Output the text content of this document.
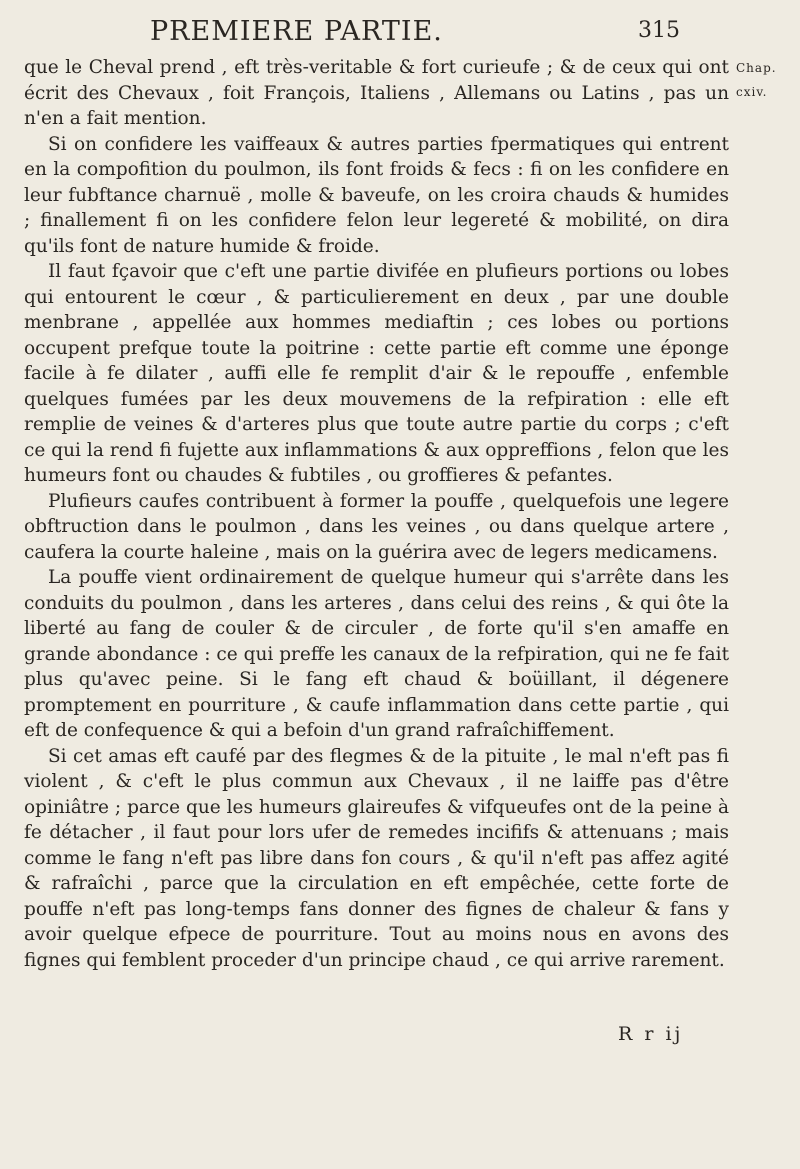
PREMIERE PARTIE.	315
Chap.
cxiv.

que le Cheval prend , eft très-veritable & fort curieufe ; & de ceux qui ont écrit des Chevaux , foit François, Italiens , Allemans ou Latins , pas un n'en a fait mention.

Si on confidere les vaiffeaux & autres parties fpermatiques qui entrent en la compofition du poulmon, ils font froids & fecs : fi on les confidere en leur fubftance charnuë , molle & baveufe, on les croira chauds & humides ; finallement fi on les confidere felon leur legereté & mobilité, on dira qu'ils font de nature humide & froide.

Il faut fçavoir que c'eft une partie divifée en plufieurs portions ou lobes qui entourent le cœur , & particulierement en deux , par une double menbrane , appellée aux hommes mediaftin ; ces lobes ou portions occupent prefque toute la poitrine : cette partie eft comme une éponge facile à fe dilater , auffi elle fe remplit d'air & le repouffe , enfemble quelques fumées par les deux mouvemens de la refpiration : elle eft remplie de veines & d'arteres plus que toute autre partie du corps ; c'eft ce qui la rend fi fujette aux inflammations & aux oppreffions , felon que les humeurs font ou chaudes & fubtiles , ou groffieres & pefantes.

Plufieurs caufes contribuent à former la pouffe , quelquefois une legere obftruction dans le poulmon , dans les veines , ou dans quelque artere , caufera la courte haleine , mais on la guérira avec de legers medicamens.

La pouffe vient ordinairement de quelque humeur qui s'arrête dans les conduits du poulmon , dans les arteres , dans celui des reins , & qui ôte la liberté au fang de couler & de circuler , de forte qu'il s'en amaffe en grande abondance : ce qui preffe les canaux de la refpiration, qui ne fe fait plus qu'avec peine. Si le fang eft chaud & boüillant, il dégenere promptement en pourriture , & caufe inflammation dans cette partie , qui eft de confequence & qui a befoin d'un grand rafraîchiffement.

Si cet amas eft caufé par des flegmes & de la pituite , le mal n'eft pas fi violent , & c'eft le plus commun aux Chevaux , il ne laiffe pas d'être opiniâtre ; parce que les humeurs glaireufes & vifqueufes ont de la peine à fe détacher , il faut pour lors ufer de remedes incififs & attenuans ; mais comme le fang n'eft pas libre dans fon cours , & qu'il n'eft pas affez agité & rafraîchi , parce que la circulation en eft empêchée, cette forte de pouffe n'eft pas long-temps fans donner des fignes de chaleur & fans y avoir quelque efpece de pourriture. Tout au moins nous en avons des fignes qui femblent proceder d'un principe chaud , ce qui arrive rarement.

R r ij
